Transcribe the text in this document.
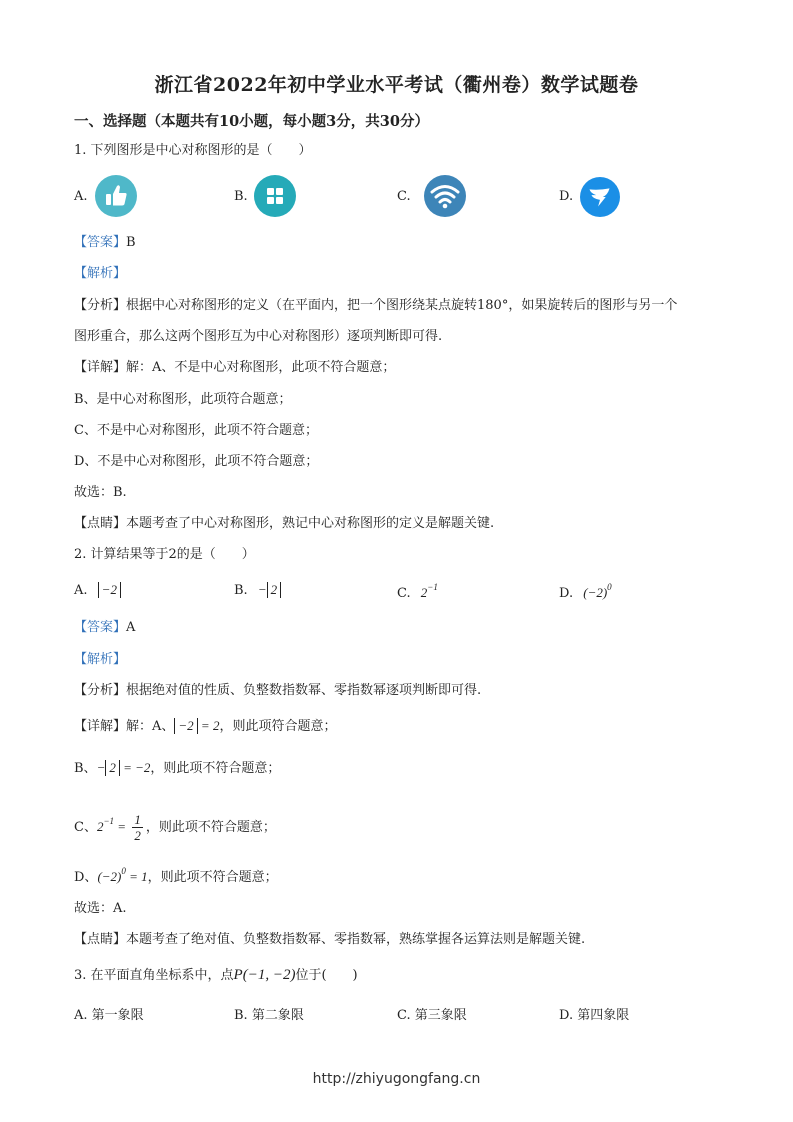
浙江省2022年初中学业水平考试（衢州卷）数学试题卷
一、选择题（本题共有10小题，每小题3分，共30分）
1. 下列图形是中心对称图形的是（　　）
A.	B.	C.	D.
【答案】B
【解析】
【分析】根据中心对称图形的定义（在平面内，把一个图形绕某点旋转180°，如果旋转后的图形与另一个
图形重合，那么这两个图形互为中心对称图形）逐项判断即可得.
【详解】解：A、不是中心对称图形，此项不符合题意；
B、是中心对称图形，此项符合题意；
C、不是中心对称图形，此项不符合题意；
D、不是中心对称图形，此项不符合题意；
故选：B.
【点睛】本题考查了中心对称图形，熟记中心对称图形的定义是解题关键.
2. 计算结果等于2的是（　　）
A. −2	B. − 2	C. $2^{-1}$	D. $(-2)^0$
【答案】A
【解析】
【分析】根据绝对值的性质、负整数指数幂、零指数幂逐项判断即可得.
【详解】解：A、 −2 = 2，则此项符合题意；
B、− 2 = −2，则此项不符合题意；
C、$2^{-1} = \frac{1}{2}$ ，则此项不符合题意；
D、$(-2)^0 = 1$，则此项不符合题意；
故选：A.
【点睛】本题考查了绝对值、负整数指数幂、零指数幂，熟练掌握各运算法则是解题关键.
3. 在平面直角坐标系中，点P(−1, −2)位于(　　)
A. 第一象限	B. 第二象限	C. 第三象限	D. 第四象限
http://zhiyugongfang.cn
